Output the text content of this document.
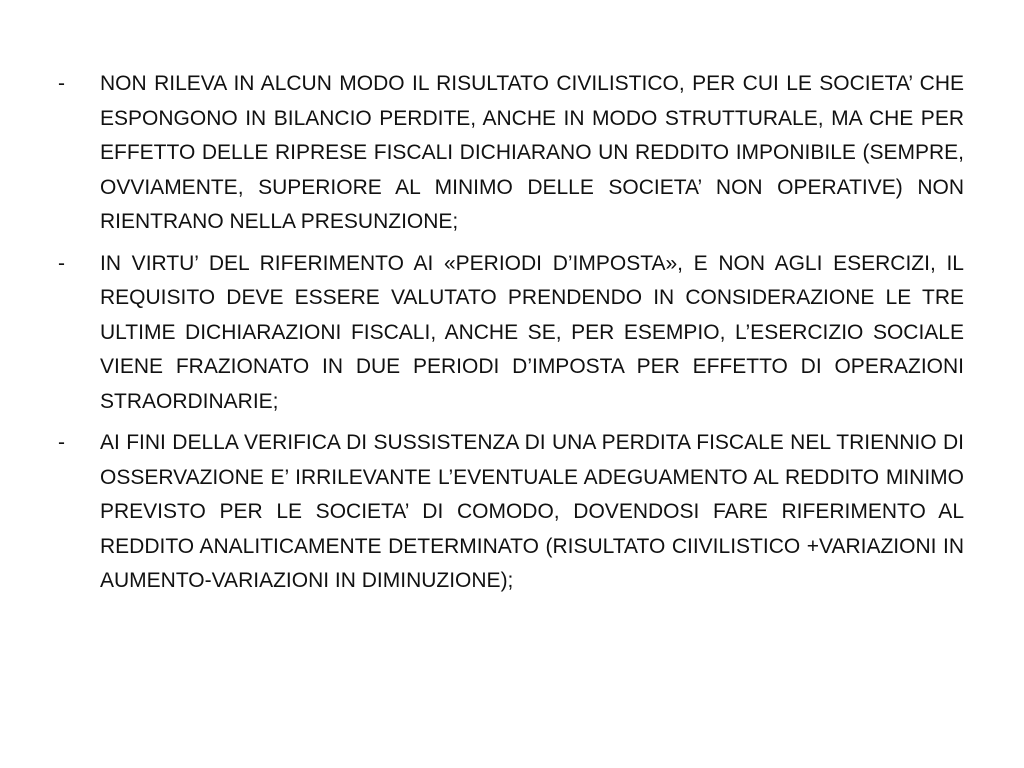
-	NON RILEVA IN ALCUN MODO IL RISULTATO CIVILISTICO, PER CUI LE SOCIETA’ CHE ESPONGONO IN BILANCIO PERDITE, ANCHE IN MODO STRUTTURALE, MA CHE PER EFFETTO DELLE RIPRESE FISCALI DICHIARANO UN REDDITO IMPONIBILE (SEMPRE, OVVIAMENTE, SUPERIORE AL MINIMO DELLE SOCIETA’ NON OPERATIVE) NON RIENTRANO NELLA PRESUNZIONE;
-	IN VIRTU’ DEL RIFERIMENTO AI «PERIODI D’IMPOSTA», E NON AGLI ESERCIZI, IL REQUISITO DEVE ESSERE VALUTATO PRENDENDO IN CONSIDERAZIONE LE TRE ULTIME DICHIARAZIONI FISCALI, ANCHE SE, PER ESEMPIO, L’ESERCIZIO SOCIALE VIENE FRAZIONATO IN DUE PERIODI D’IMPOSTA PER EFFETTO DI OPERAZIONI STRAORDINARIE;
-	AI FINI DELLA VERIFICA DI SUSSISTENZA DI UNA PERDITA FISCALE NEL TRIENNIO DI OSSERVAZIONE E’ IRRILEVANTE L’EVENTUALE ADEGUAMENTO AL REDDITO MINIMO PREVISTO PER LE SOCIETA’ DI COMODO, DOVENDOSI FARE RIFERIMENTO AL REDDITO ANALITICAMENTE DETERMINATO (RISULTATO CIIVILISTICO +VARIAZIONI IN AUMENTO-VARIAZIONI IN DIMINUZIONE);
